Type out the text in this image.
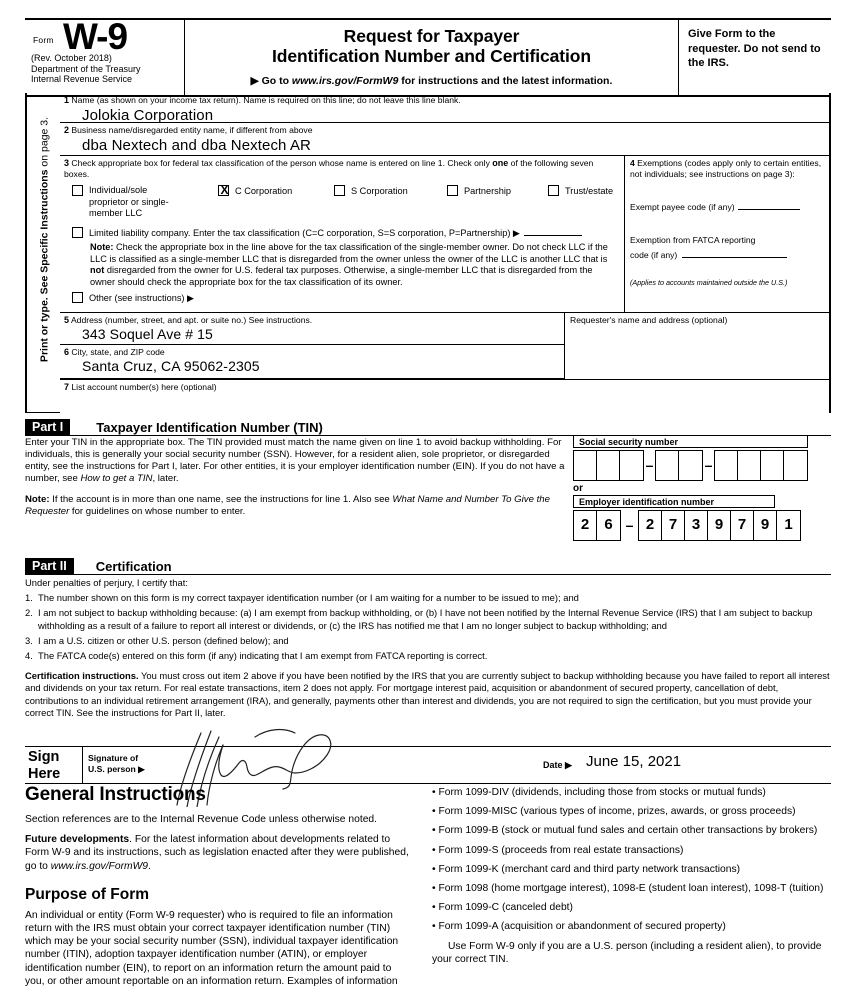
Form W-9
(Rev. October 2018)
Department of the Treasury
Internal Revenue Service
Request for Taxpayer
Identification Number and Certification
▶ Go to www.irs.gov/FormW9 for instructions and the latest information.
Give Form to the requester. Do not send to the IRS.
Print or type. See Specific Instructions on page 3.
1 Name (as shown on your income tax return). Name is required on this line; do not leave this line blank.
Jolokia Corporation
2 Business name/disregarded entity name, if different from above
dba Nextech and dba Nextech AR
3 Check appropriate box for federal tax classification of the person whose name is entered on line 1. Check only one of the following seven boxes.
Individual/sole proprietor or single-member LLC
XC Corporation	S Corporation	Partnership	Trust/estate
Limited liability company. Enter the tax classification (C=C corporation, S=S corporation, P=Partnership) ▶
Note: Check the appropriate box in the line above for the tax classification of the single-member owner. Do not check LLC if the LLC is classified as a single-member LLC that is disregarded from the owner unless the owner of the LLC is another LLC that is not disregarded from the owner for U.S. federal tax purposes. Otherwise, a single-member LLC that is disregarded from the owner should check the appropriate box for the tax classification of its owner.
Other (see instructions) ▶
4 Exemptions (codes apply only to certain entities, not individuals; see instructions on page 3):
Exempt payee code (if any)
Exemption from FATCA reporting
code (if any)
(Applies to accounts maintained outside the U.S.)
5 Address (number, street, and apt. or suite no.) See instructions.
343 Soquel Ave # 15
Requester's name and address (optional)
6 City, state, and ZIP code
Santa Cruz, CA 95062-2305
7 List account number(s) here (optional)
Part I	Taxpayer Identification Number (TIN)
Enter your TIN in the appropriate box. The TIN provided must match the name given on line 1 to avoid backup withholding. For individuals, this is generally your social security number (SSN). However, for a resident alien, sole proprietor, or disregarded entity, see the instructions for Part I, later. For other entities, it is your employer identification number (EIN). If you do not have a number, see How to get a TIN, later.
Note: If the account is in more than one name, see the instructions for line 1. Also see What Name and Number To Give the Requester for guidelines on whose number to enter.
Social security number
–	–
or
Employer identification number
2	6 – 2 7 3 9 7 9	1
Part II Certification
Under penalties of perjury, I certify that:
1. The number shown on this form is my correct taxpayer identification number (or I am waiting for a number to be issued to me); and
2. I am not subject to backup withholding because: (a) I am exempt from backup withholding, or (b) I have not been notified by the Internal Revenue Service (IRS) that I am subject to backup withholding as a result of a failure to report all interest or dividends, or (c) the IRS has notified me that I am no longer subject to backup withholding; and
3. I am a U.S. citizen or other U.S. person (defined below); and
4. The FATCA code(s) entered on this form (if any) indicating that I am exempt from FATCA reporting is correct.
Certification instructions. You must cross out item 2 above if you have been notified by the IRS that you are currently subject to backup withholding because you have failed to report all interest and dividends on your tax return. For real estate transactions, item 2 does not apply. For mortgage interest paid, acquisition or abandonment of secured property, cancellation of debt, contributions to an individual retirement arrangement (IRA), and generally, payments other than interest and dividends, you are not required to sign the certification, but you must provide your correct TIN. See the instructions for Part II, later.
Sign
Here
Signature of
U.S. person ▶	Date ▶ June 15, 2021
General Instructions
Section references are to the Internal Revenue Code unless otherwise noted.
Future developments. For the latest information about developments related to Form W-9 and its instructions, such as legislation enacted after they were published, go to www.irs.gov/FormW9.
Purpose of Form
An individual or entity (Form W-9 requester) who is required to file an information return with the IRS must obtain your correct taxpayer identification number (TIN) which may be your social security number (SSN), individual taxpayer identification number (ITIN), adoption taxpayer identification number (ATIN), or employer identification number (EIN), to report on an information return the amount paid to you, or other amount reportable on an information return. Examples of information
• Form 1099-DIV (dividends, including those from stocks or mutual funds)
• Form 1099-MISC (various types of income, prizes, awards, or gross proceeds)
• Form 1099-B (stock or mutual fund sales and certain other transactions by brokers)
• Form 1099-S (proceeds from real estate transactions)
• Form 1099-K (merchant card and third party network transactions)
• Form 1098 (home mortgage interest), 1098-E (student loan interest), 1098-T (tuition)
• Form 1099-C (canceled debt)
• Form 1099-A (acquisition or abandonment of secured property)
Use Form W-9 only if you are a U.S. person (including a resident alien), to provide your correct TIN.
